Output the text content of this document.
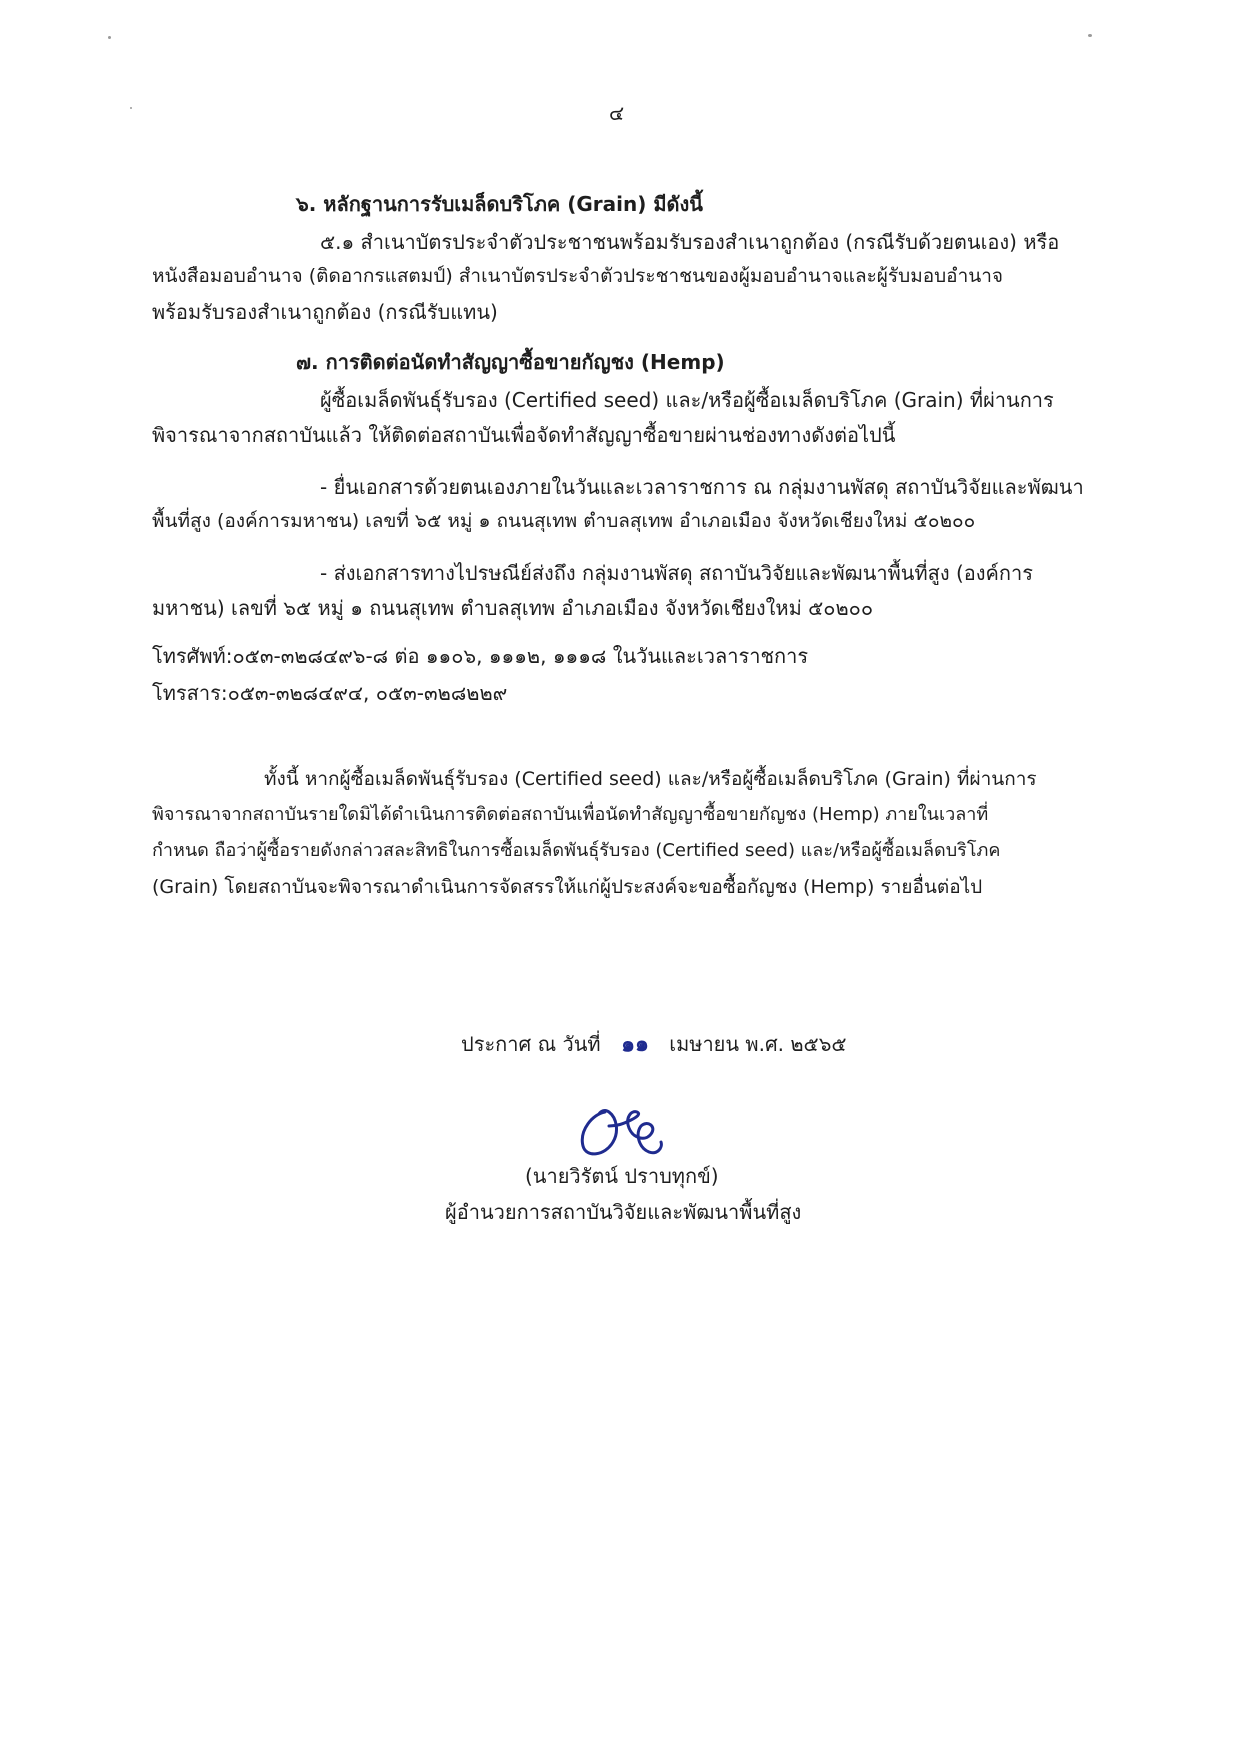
๔
๖. หลักฐานการรับเมล็ดบริโภค (Grain) มีดังนี้
๕.๑ สำเนาบัตรประจำตัวประชาชนพร้อมรับรองสำเนาถูกต้อง (กรณีรับด้วยตนเอง) หรือ
หนังสือมอบอำนาจ (ติดอากรแสตมป์) สำเนาบัตรประจำตัวประชาชนของผู้มอบอำนาจและผู้รับมอบอำนาจ
พร้อมรับรองสำเนาถูกต้อง (กรณีรับแทน)
๗. การติดต่อนัดทำสัญญาซื้อขายกัญชง (Hemp)
ผู้ซื้อเมล็ดพันธุ์รับรอง (Certified seed) และ/หรือผู้ซื้อเมล็ดบริโภค (Grain) ที่ผ่านการ
พิจารณาจากสถาบันแล้ว ให้ติดต่อสถาบันเพื่อจัดทำสัญญาซื้อขายผ่านช่องทางดังต่อไปนี้
- ยื่นเอกสารด้วยตนเองภายในวันและเวลาราชการ ณ กลุ่มงานพัสดุ สถาบันวิจัยและพัฒนา
พื้นที่สูง (องค์การมหาชน) เลขที่ ๖๕ หมู่ ๑ ถนนสุเทพ ตำบลสุเทพ อำเภอเมือง จังหวัดเชียงใหม่ ๕๐๒๐๐
- ส่งเอกสารทางไปรษณีย์ส่งถึง กลุ่มงานพัสดุ สถาบันวิจัยและพัฒนาพื้นที่สูง (องค์การ
มหาชน) เลขที่ ๖๕ หมู่ ๑ ถนนสุเทพ ตำบลสุเทพ อำเภอเมือง จังหวัดเชียงใหม่ ๕๐๒๐๐
โทรศัพท์:๐๕๓-๓๒๘๔๙๖-๘ ต่อ ๑๑๐๖, ๑๑๑๒, ๑๑๑๘ ในวันและเวลาราชการ
โทรสาร:๐๕๓-๓๒๘๔๙๔, ๐๕๓-๓๒๘๒๒๙
ทั้งนี้ หากผู้ซื้อเมล็ดพันธุ์รับรอง (Certified seed) และ/หรือผู้ซื้อเมล็ดบริโภค (Grain) ที่ผ่านการ
พิจารณาจากสถาบันรายใดมิได้ดำเนินการติดต่อสถาบันเพื่อนัดทำสัญญาซื้อขายกัญชง (Hemp) ภายในเวลาที่
กำหนด ถือว่าผู้ซื้อรายดังกล่าวสละสิทธิในการซื้อเมล็ดพันธุ์รับรอง (Certified seed) และ/หรือผู้ซื้อเมล็ดบริโภค
(Grain) โดยสถาบันจะพิจารณาดำเนินการจัดสรรให้แก่ผู้ประสงค์จะขอซื้อกัญชง (Hemp) รายอื่นต่อไป
ประกาศ ณ วันที่ ๑๑ เมษายน พ.ศ. ๒๕๖๕
(นายวิรัตน์ ปราบทุกข์)
ผู้อำนวยการสถาบันวิจัยและพัฒนาพื้นที่สูง
